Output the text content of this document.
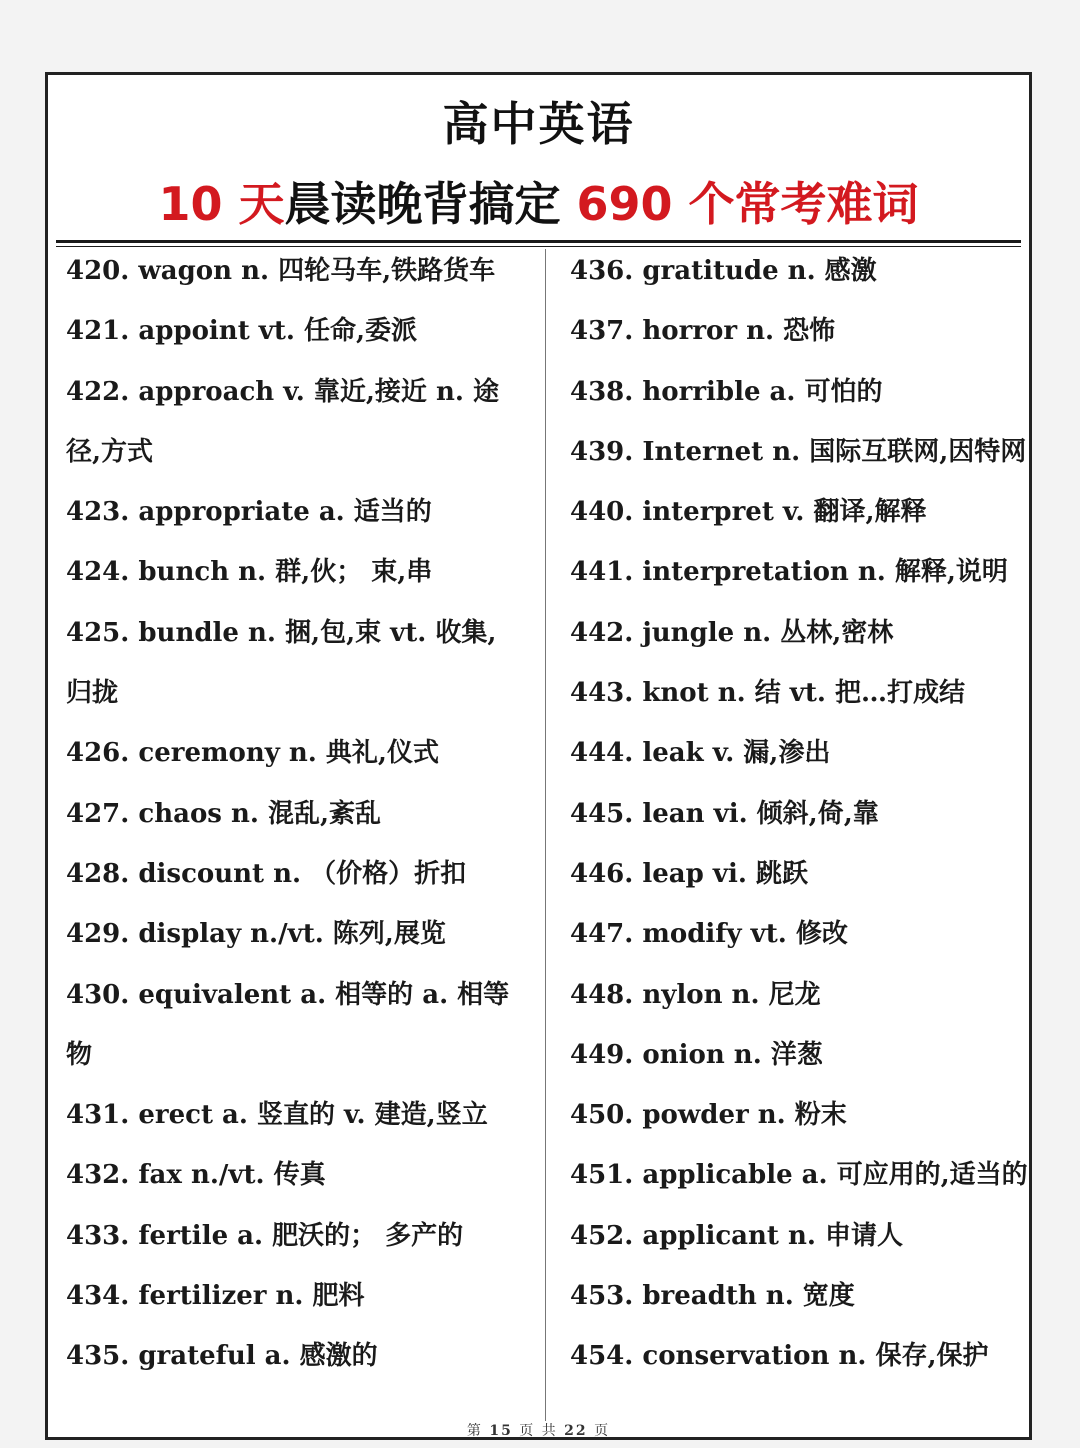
高中英语
10 天晨读晚背搞定 690 个常考难词
420. wagon n. 四轮马车,铁路货车
421. appoint vt. 任命,委派
422. approach v. 靠近,接近 n. 途
径,方式
423. appropriate a. 适当的
424. bunch n. 群,伙； 束,串
425. bundle n. 捆,包,束 vt. 收集,
归拢
426. ceremony n. 典礼,仪式
427. chaos n. 混乱,紊乱
428. discount n. （价格）折扣
429. display n./vt. 陈列,展览
430. equivalent a. 相等的 a. 相等
物
431. erect a. 竖直的 v. 建造,竖立
432. fax n./vt. 传真
433. fertile a. 肥沃的； 多产的
434. fertilizer n. 肥料
435. grateful a. 感激的
436. gratitude n. 感激
437. horror n. 恐怖
438. horrible a. 可怕的
439. Internet n. 国际互联网,因特网
440. interpret v. 翻译,解释
441. interpretation n. 解释,说明
442. jungle n. 丛林,密林
443. knot n. 结 vt. 把…打成结
444. leak v. 漏,渗出
445. lean vi. 倾斜,倚,靠
446. leap vi. 跳跃
447. modify vt. 修改
448. nylon n. 尼龙
449. onion n. 洋葱
450. powder n. 粉末
451. applicable a. 可应用的,适当的
452. applicant n. 申请人
453. breadth n. 宽度
454. conservation n. 保存,保护
第 15 页 共 22 页
